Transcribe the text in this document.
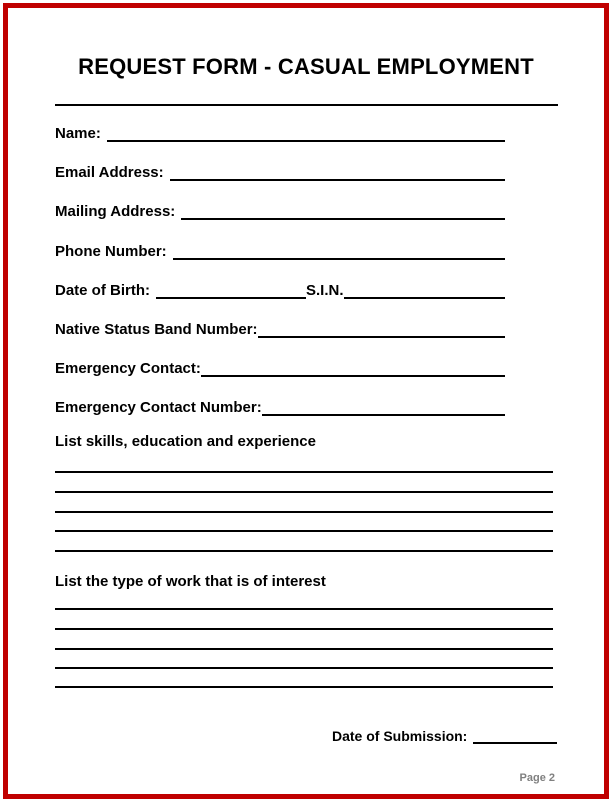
REQUEST FORM - CASUAL EMPLOYMENT
Name:
Email Address:
Mailing Address:
Phone Number:
Date of Birth:	S.I.N.
Native Status Band Number:
Emergency Contact:
Emergency Contact Number:

List skills, education and experience

List the type of work that is of interest

Date of Submission:
Page 2
